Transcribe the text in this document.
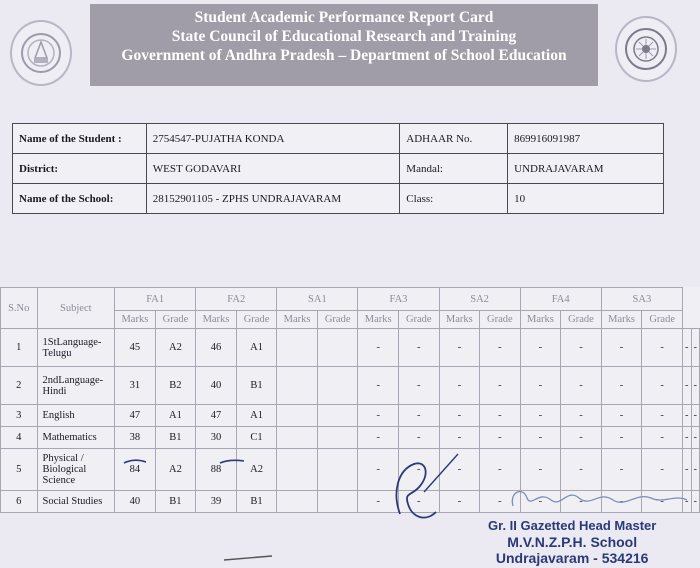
Student Academic Performance Report Card
State Council of Educational Research and Training
Government of Andhra Pradesh – Department of School Education
Name of the Student :	2754547-PUJATHA KONDA	ADHAAR No.	869916091987
District:	WEST GODAVARI	Mandal:	UNDRAJAVARAM
Name of the School:	28152901105 - ZPHS UNDRAJAVARAM	Class:	10
S.No	Subject	FA1		FA2		SA1		FA3		SA2		FA4		SA3			
		Marks	Grade	Marks	Grade	Marks	Grade	Marks	Grade	Marks	Grade	Marks	Grade	Marks	Grade		
1	1StLanguage-Telugu	45	A2	46	A1			-	-	-	-	-	-	-	-	-	-
2	2ndLanguage-Hindi	31	B2	40	B1			-	-	-	-	-	-	-	-	-	-
3	English	47	A1	47	A1			-	-	-	-	-	-	-	-	-	-
4	Mathematics	38	B1	30	C1			-	-	-	-	-	-	-	-	-	-
5	Physical / Biological Science	84	A2	88	A2			-	-	-	-	-	-	-	-	-	-
6	Social Studies	40	B1	39	B1			-	-	-	-	-	-	-	-	-	-
Gr. II Gazetted Head Master
M.V.N.Z.P.H. School
Undrajavaram - 534216
